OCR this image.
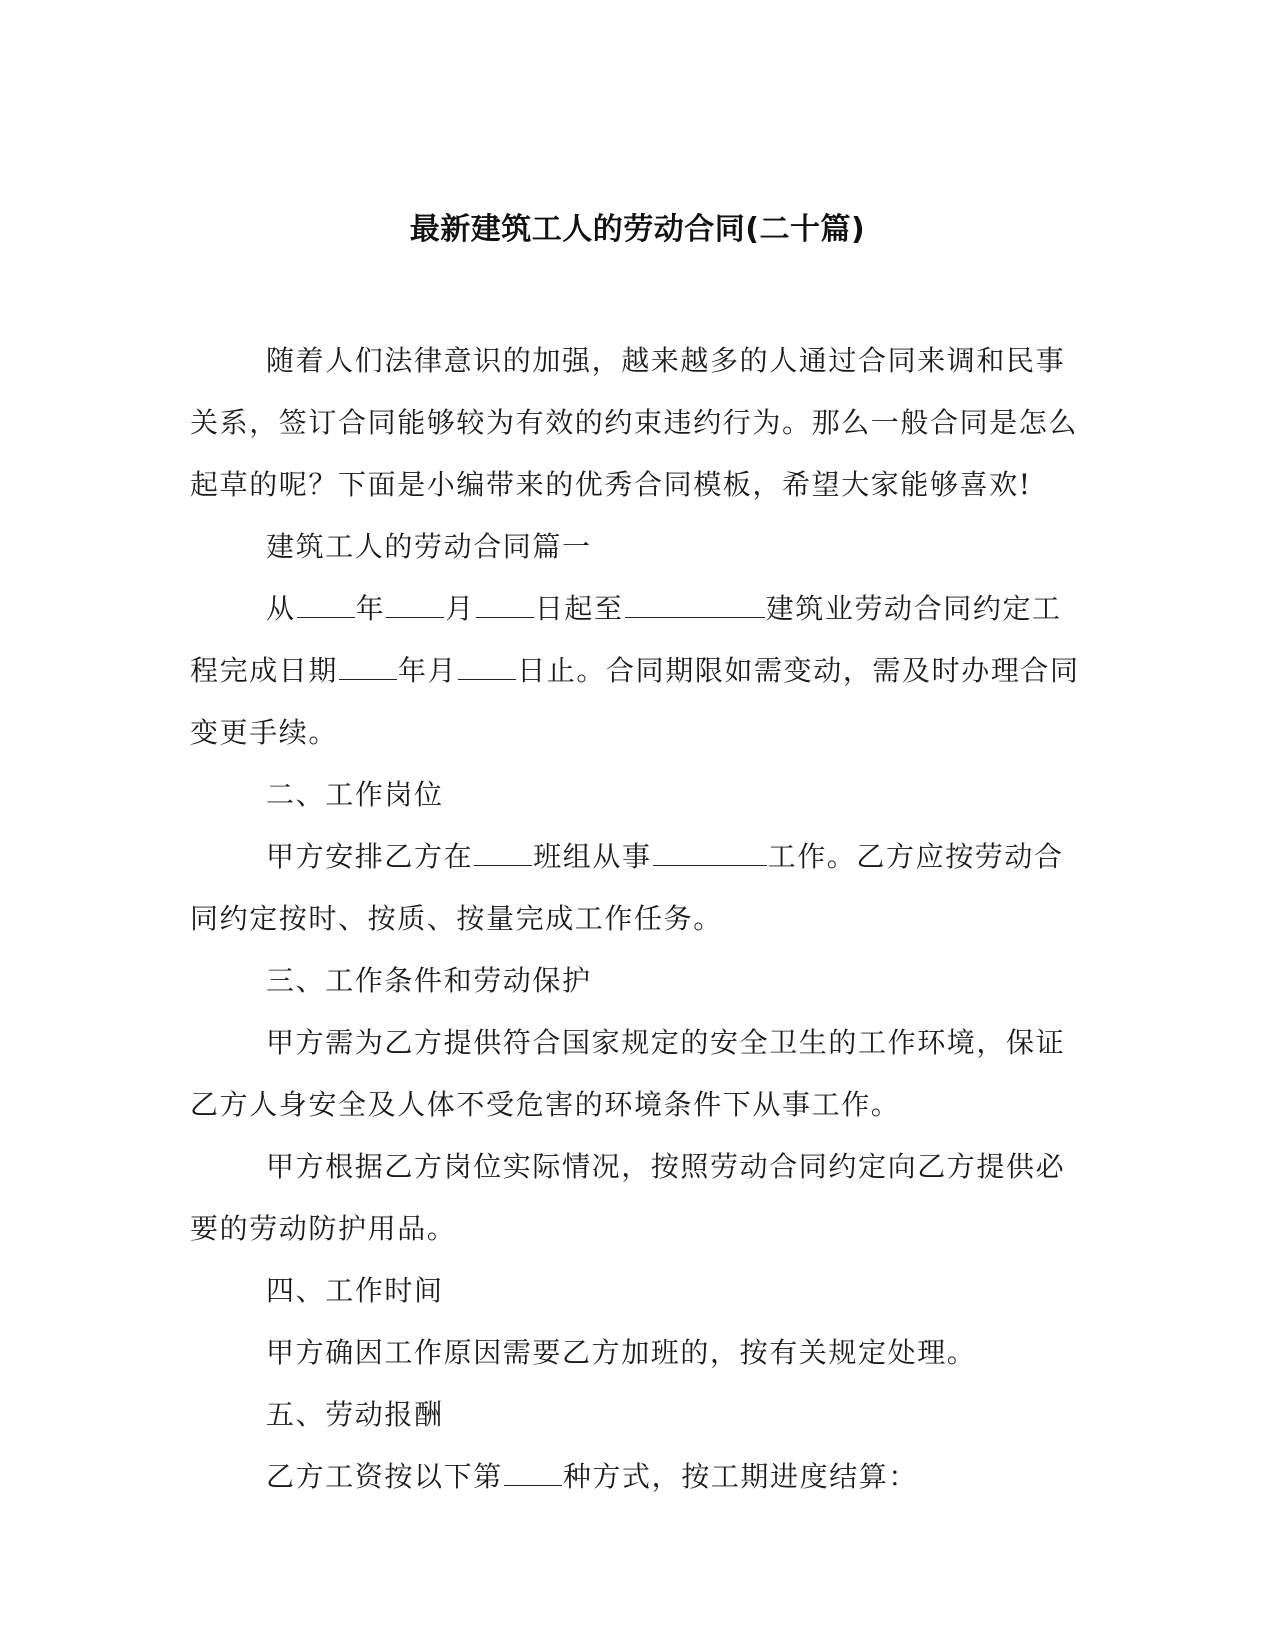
最新建筑工人的劳动合同(二十篇)

随着人们法律意识的加强，越来越多的人通过合同来调和民事关系，签订合同能够较为有效的约束违约行为。那么一般合同是怎么起草的呢？下面是小编带来的优秀合同模板，希望大家能够喜欢!

建筑工人的劳动合同篇一

从 年 月 日起至	建筑业劳动合同约定工程完成日期 年月 日止。合同期限如需变动，需及时办理合同变更手续。

二、工作岗位

甲方安排乙方在 班组从事	工作。乙方应按劳动合同约定按时、按质、按量完成工作任务。

三、工作条件和劳动保护

甲方需为乙方提供符合国家规定的安全卫生的工作环境，保证乙方人身安全及人体不受危害的环境条件下从事工作。

甲方根据乙方岗位实际情况，按照劳动合同约定向乙方提供必要的劳动防护用品。

四、工作时间

甲方确因工作原因需要乙方加班的，按有关规定处理。

五、劳动报酬

乙方工资按以下第 种方式，按工期进度结算：
